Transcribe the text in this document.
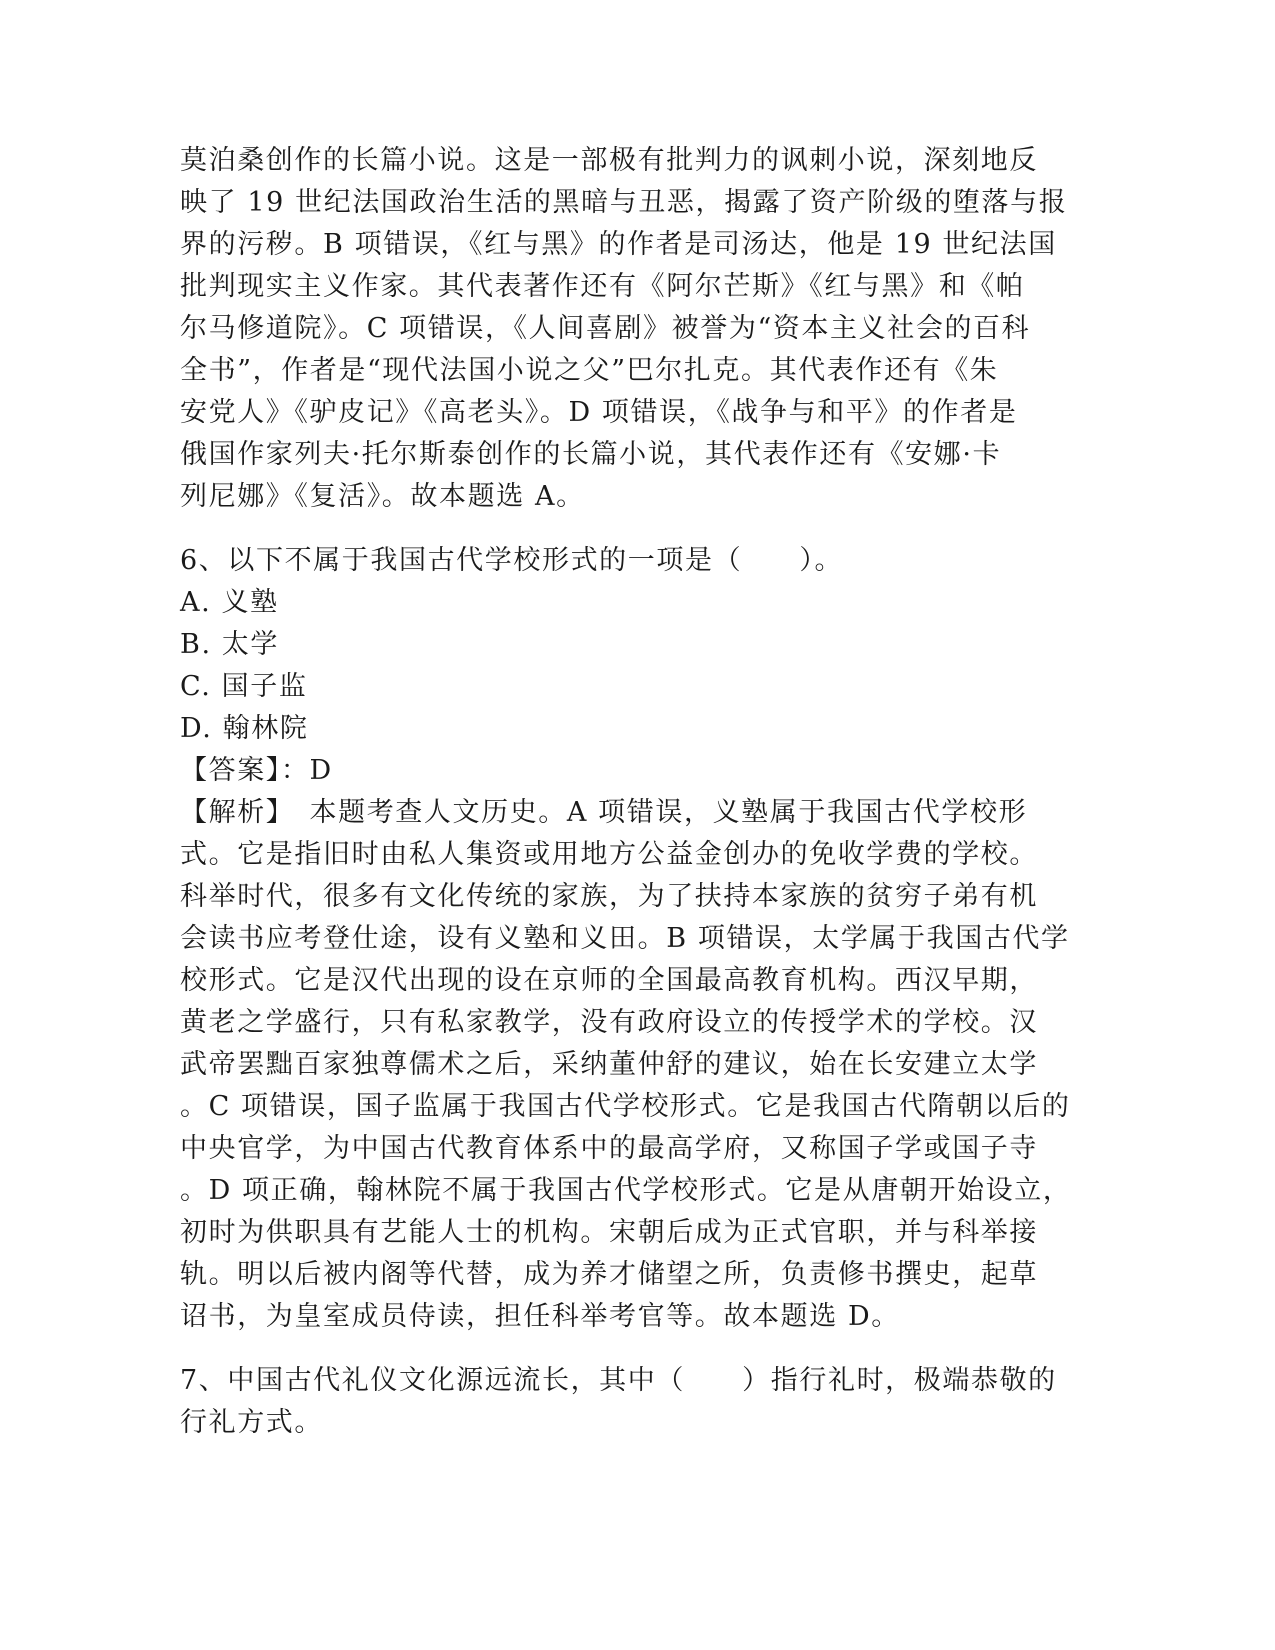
莫泊桑创作的长篇小说。这是一部极有批判力的讽刺小说，深刻地反
映了 19 世纪法国政治生活的黑暗与丑恶，揭露了资产阶级的堕落与报
界的污秽。B 项错误，《红与黑》的作者是司汤达，他是 19 世纪法国
批判现实主义作家。其代表著作还有《阿尔芒斯》《红与黑》和《帕
尔马修道院》。C 项错误，《人间喜剧》被誉为“资本主义社会的百科
全书”，作者是“现代法国小说之父”巴尔扎克。其代表作还有《朱
安党人》《驴皮记》《高老头》。D 项错误，《战争与和平》的作者是
俄国作家列夫·托尔斯泰创作的长篇小说，其代表作还有《安娜·卡
列尼娜》《复活》。故本题选 A。
6、以下不属于我国古代学校形式的一项是（　　）。
A. 义塾
B. 太学
C. 国子监
D. 翰林院
【答案】：D
【解析】　本题考查人文历史。A 项错误，义塾属于我国古代学校形
式。它是指旧时由私人集资或用地方公益金创办的免收学费的学校。
科举时代，很多有文化传统的家族，为了扶持本家族的贫穷子弟有机
会读书应考登仕途，设有义塾和义田。B 项错误，太学属于我国古代学
校形式。它是汉代出现的设在京师的全国最高教育机构。西汉早期，
黄老之学盛行，只有私家教学，没有政府设立的传授学术的学校。汉
武帝罢黜百家独尊儒术之后，采纳董仲舒的建议，始在长安建立太学
。C 项错误，国子监属于我国古代学校形式。它是我国古代隋朝以后的
中央官学，为中国古代教育体系中的最高学府，又称国子学或国子寺
。D 项正确，翰林院不属于我国古代学校形式。它是从唐朝开始设立，
初时为供职具有艺能人士的机构。宋朝后成为正式官职，并与科举接
轨。明以后被内阁等代替，成为养才储望之所，负责修书撰史，起草
诏书，为皇室成员侍读，担任科举考官等。故本题选 D。
7、中国古代礼仪文化源远流长，其中（　　）指行礼时，极端恭敬的
行礼方式。
